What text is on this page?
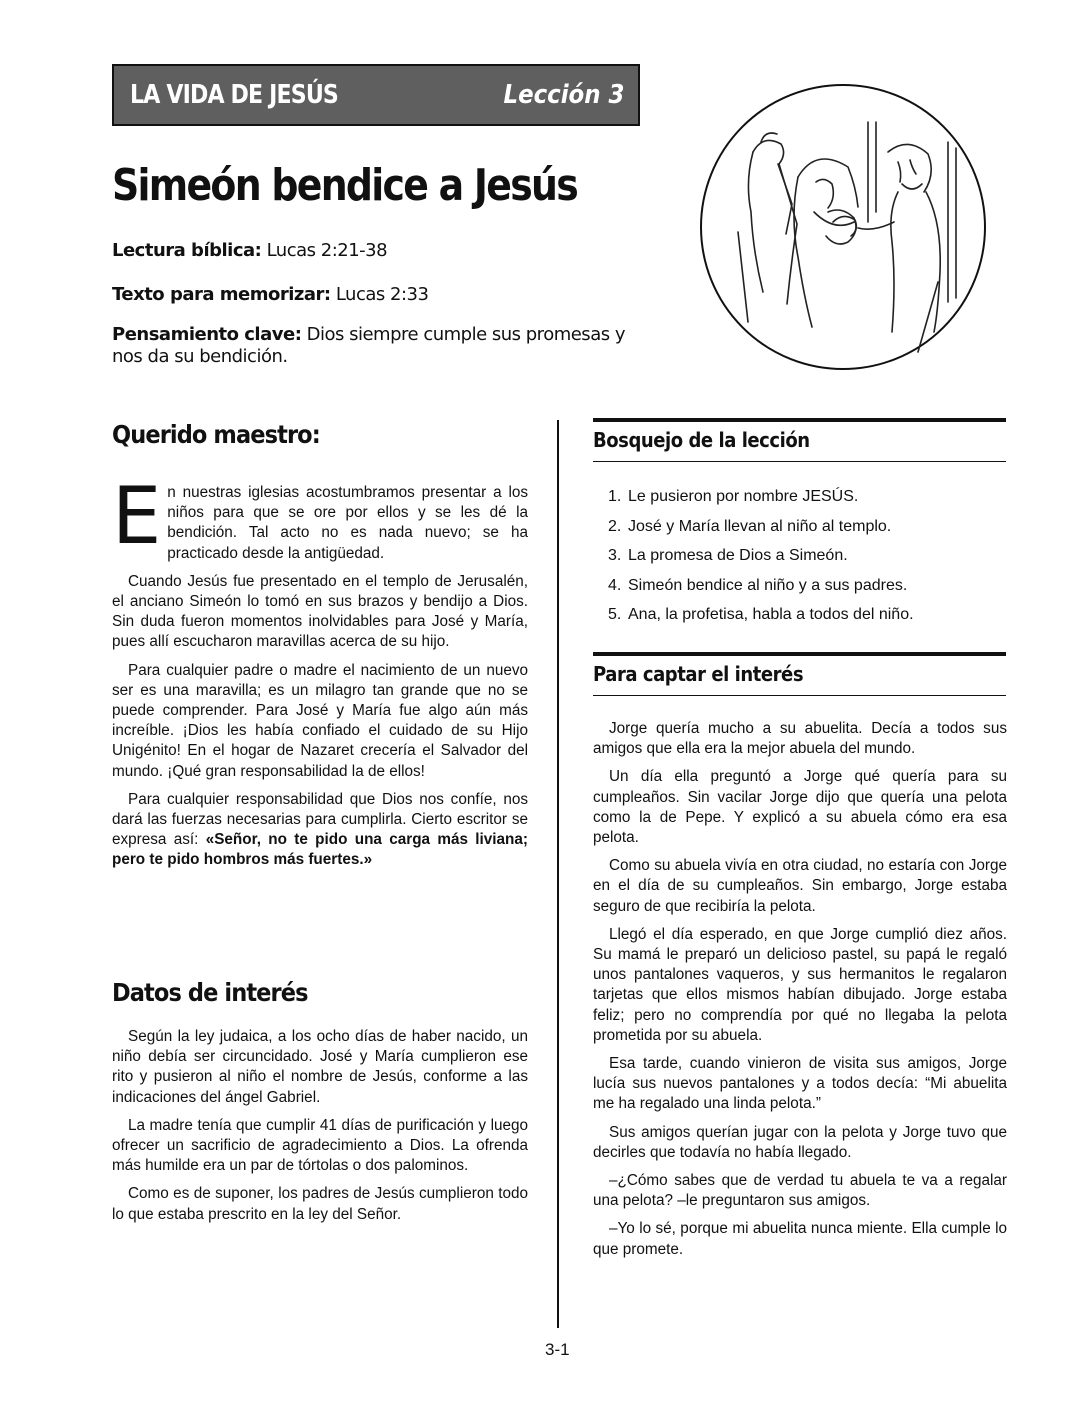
LA VIDA DE JESÚS	Lección 3
Simeón bendice a Jesús
Lectura bíblica: Lucas 2:21-38
Texto para memorizar: Lucas 2:33
Pensamiento clave: Dios siempre cumple sus promesas y nos da su bendición.
Querido maestro:

En nuestras iglesias acostumbramos presentar a los niños para que se ore por ellos y se les dé la bendición. Tal acto no es nada nuevo; se ha practicado desde la antigüedad.

Cuando Jesús fue presentado en el templo de Jerusalén, el anciano Simeón lo tomó en sus brazos y bendijo a Dios. Sin duda fueron momentos inolvidables para José y María, pues allí escucharon maravillas acerca de su hijo.

Para cualquier padre o madre el nacimiento de un nuevo ser es una maravilla; es un milagro tan grande que no se puede comprender. Para José y María fue algo aún más increíble. ¡Dios les había confiado el cuidado de su Hijo Unigénito! En el hogar de Nazaret crecería el Salvador del mundo. ¡Qué gran responsabilidad la de ellos!

Para cualquier responsabilidad que Dios nos confíe, nos dará las fuerzas necesarias para cumplirla. Cierto escritor se expresa así: «Señor, no te pido una carga más liviana; pero te pido hombros más fuertes.»

Datos de interés

Según la ley judaica, a los ocho días de haber nacido, un niño debía ser circuncidado. José y María cumplieron ese rito y pusieron al niño el nombre de Jesús, conforme a las indicaciones del ángel Gabriel.

La madre tenía que cumplir 41 días de purificación y luego ofrecer un sacrificio de agradecimiento a Dios. La ofrenda más humilde era un par de tórtolas o dos palominos.

Como es de suponer, los padres de Jesús cumplieron todo lo que estaba prescrito en la ley del Señor.

Bosquejo de la lección
1. Le pusieron por nombre JESÚS.
2. José y María llevan al niño al templo.
3. La promesa de Dios a Simeón.
4. Simeón bendice al niño y a sus padres.
5. Ana, la profetisa, habla a todos del niño.
Para captar el interés

Jorge quería mucho a su abuelita. Decía a todos sus amigos que ella era la mejor abuela del mundo.

Un día ella preguntó a Jorge qué quería para su cumpleaños. Sin vacilar Jorge dijo que quería una pelota como la de Pepe. Y explicó a su abuela cómo era esa pelota.

Como su abuela vivía en otra ciudad, no estaría con Jorge en el día de su cumpleaños. Sin embargo, Jorge estaba seguro de que recibiría la pelota.

Llegó el día esperado, en que Jorge cumplió diez años. Su mamá le preparó un delicioso pastel, su papá le regaló unos pantalones vaqueros, y sus hermanitos le regalaron tarjetas que ellos mismos habían dibujado. Jorge estaba feliz; pero no comprendía por qué no llegaba la pelota prometida por su abuela.

Esa tarde, cuando vinieron de visita sus amigos, Jorge lucía sus nuevos pantalones y a todos decía: “Mi abuelita me ha regalado una linda pelota.”

Sus amigos querían jugar con la pelota y Jorge tuvo que decirles que todavía no había llegado.

–¿Cómo sabes que de verdad tu abuela te va a regalar una pelota? –le preguntaron sus amigos.

–Yo lo sé, porque mi abuelita nunca miente. Ella cumple lo que promete.

3-1
